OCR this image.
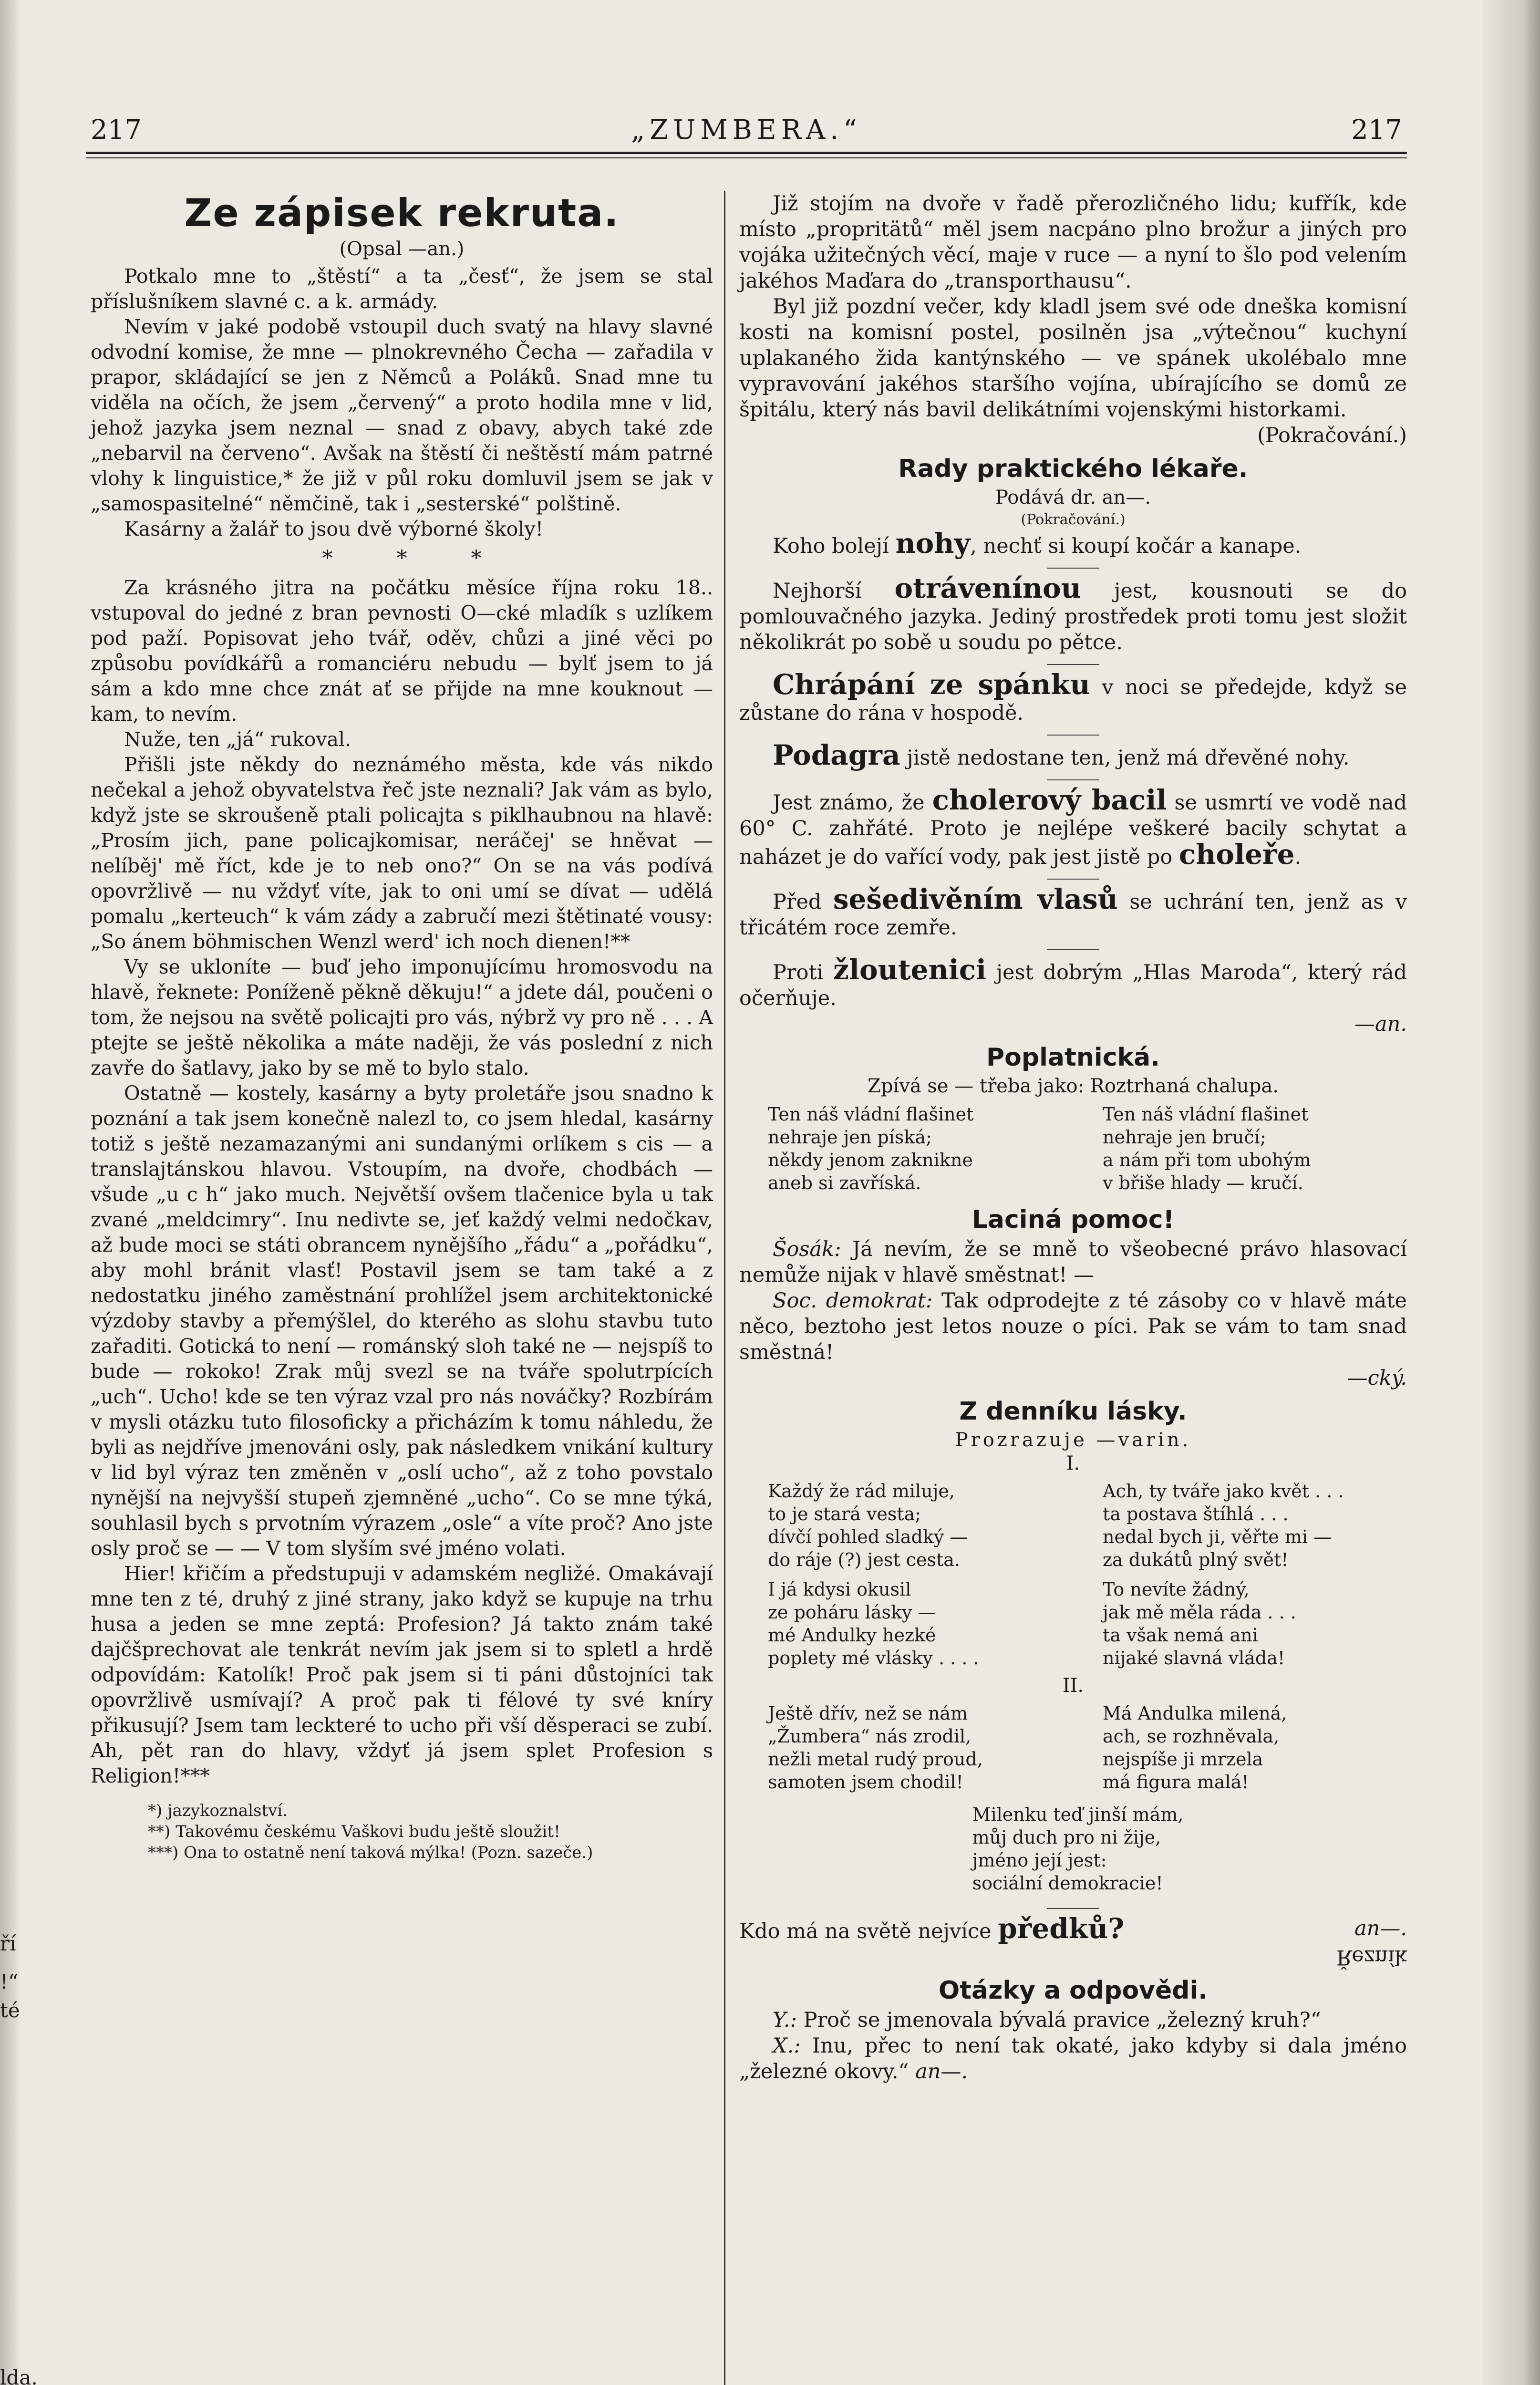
ří
!“
té
lda.
217	„ZUMBERA.“	217
Ze zápisek rekruta.
(Opsal —an.)

Potkalo mne to „štěstí“ a ta „česť“, že jsem se stal příslušníkem slavné c. a k. armády.

Nevím v jaké podobě vstoupil duch svatý na hlavy slavné odvodní komise, že mne — plnokrevného Čecha — zařadila v prapor, skládající se jen z Němců a Poláků. Snad mne tu viděla na očích, že jsem „červený“ a proto hodila mne v lid, jehož jazyka jsem neznal — snad z obavy, abych také zde „nebarvil na červeno“. Avšak na štěstí či neštěstí mám patrné vlohy k linguistice,* že již v půl roku domluvil jsem se jak v „samospasitelné“ němčině, tak i „sesterské“ polštině.

Kasárny a žalář to jsou dvě výborné školy!

* * *

Za krásného jitra na počátku měsíce října roku 18.. vstupoval do jedné z bran pevnosti O—cké mladík s uzlíkem pod paží. Popisovat jeho tvář, oděv, chůzi a jiné věci po způsobu povídkářů a romanciéru nebudu — bylť jsem to já sám a kdo mne chce znát ať se přijde na mne kouknout — kam, to nevím.

Nuže, ten „já“ rukoval.

Přišli jste někdy do neznámého města, kde vás nikdo nečekal a jehož obyvatelstva řeč jste neznali? Jak vám as bylo, když jste se skroušeně ptali policajta s piklhaubnou na hlavě: „Prosím jich, pane policajkomisar, neráčej' se hněvat — nelíběj' mě říct, kde je to neb ono?“ On se na vás podívá opovržlivě — nu vždyť víte, jak to oni umí se dívat — udělá pomalu „kerteuch“ k vám zády a zabručí mezi štětinaté vousy: „So ánem böhmischen Wenzl werd' ich noch dienen!**

Vy se ukloníte — buď jeho imponujícímu hromosvodu na hlavě, řeknete: Poníženě pěkně děkuju!“ a jdete dál, poučeni o tom, že nejsou na světě policajti pro vás, nýbrž vy pro ně . . . A ptejte se ještě několika a máte naději, že vás poslední z nich zavře do šatlavy, jako by se mě to bylo stalo.

Ostatně — kostely, kasárny a byty proletáře jsou snadno k poznání a tak jsem konečně nalezl to, co jsem hledal, kasárny totiž s ještě nezamazanými ani sundanými orlíkem s cis — a translajtánskou hlavou. Vstoupím, na dvoře, chodbách — všude „u c h“ jako much. Největší ovšem tlačenice byla u tak zvané „meldcimry“. Inu nedivte se, jeť každý velmi nedočkav, až bude moci se státi obrancem nynějšího „řádu“ a „pořádku“, aby mohl bránit vlasť! Postavil jsem se tam také a z nedostatku jiného zaměstnání prohlížel jsem architektonické výzdoby stavby a přemýšlel, do kterého as slohu stavbu tuto zařaditi. Gotická to není — románský sloh také ne — nejspíš to bude — rokoko! Zrak můj svezl se na tváře spolutrpících „uch“. Ucho! kde se ten výraz vzal pro nás nováčky? Rozbírám v mysli otázku tuto filosoficky a přicházím k tomu náhledu, že byli as nejdříve jmenováni osly, pak následkem vnikání kultury v lid byl výraz ten změněn v „oslí ucho“, až z toho povstalo nynější na nejvyšší stupeň zjemněné „ucho“. Co se mne týká, souhlasil bych s prvotním výrazem „osle“ a víte proč? Ano jste osly proč se — — V tom slyším své jméno volati.

Hier! křičím a předstupuji v adamském negližé. Omakávají mne ten z té, druhý z jiné strany, jako když se kupuje na trhu husa a jeden se mne zeptá: Profesion? Já takto znám také dajčšprechovat ale tenkrát nevím jak jsem si to spletl a hrdě odpovídám: Katolík! Proč pak jsem si ti páni důstojníci tak opovržlivě usmívají? A proč pak ti félové ty své kníry přikusují? Jsem tam leckteré to ucho při vší děsperaci se zubí. Ah, pět ran do hlavy, vždyť já jsem splet Profesion s Religion!***

*) jazykoznalství.
**) Takovému českému Vaškovi budu ještě sloužit!
***) Ona to ostatně není taková mýlka! (Pozn. sazeče.)

Již stojím na dvoře v řadě přerozličného lidu; kufřík, kde místo „propritätů“ měl jsem nacpáno plno brožur a jiných pro vojáka užitečných věcí, maje v ruce — a nyní to šlo pod velením jakéhos Maďara do „transporthausu“.

Byl již pozdní večer, kdy kladl jsem své ode dneška komisní kosti na komisní postel, posilněn jsa „výtečnou“ kuchyní uplakaného žida kantýnského — ve spánek ukolébalo mne vypravování jakéhos staršího vojína, ubírajícího se domů ze špitálu, který nás bavil delikátními vojenskými historkami.

(Pokračování.)

Rady praktického lékaře.
Podává dr. an—.
(Pokračování.)

Koho bolejí nohy, nechť si koupí kočár a kanape.

Nejhorší otrávenínou jest, kousnouti se do pomlouvačného jazyka. Jediný prostředek proti tomu jest složit několikrát po sobě u soudu po pětce.

Chrápání ze spánku v noci se předejde, když se zůstane do rána v hospodě.

Podagra jistě nedostane ten, jenž má dřevěné nohy.

Jest známo, že cholerový bacil se usmrtí ve vodě nad 60° C. zahřáté. Proto je nejlépe veškeré bacily schytat a naházet je do vařící vody, pak jest jistě po choleře.

Před sešedivěním vlasů se uchrání ten, jenž as v třicátém roce zemře.

Proti žloutenici jest dobrým „Hlas Maroda“, který rád očerňuje.

—an.

Poplatnická.
Zpívá se — třeba jako: Roztrhaná chalupa.
Ten náš vládní flašinet
nehraje jen píská;
někdy jenom zaknikne
aneb si zavříská.
Ten náš vládní flašinet
nehraje jen bručí;
a nám při tom ubohým
v břiše hlady — kručí.
Laciná pomoc!

Šosák: Já nevím, že se mně to všeobecné právo hlasovací nemůže nijak v hlavě směstnat! —

Soc. demokrat: Tak odprodejte z té zásoby co v hlavě máte něco, beztoho jest letos nouze o píci. Pak se vám to tam snad směstná!

—cký.

Z denníku lásky.
Prozrazuje —varin.
I.
Každý že rád miluje,
to je stará vesta;
dívčí pohled sladký —
do ráje (?) jest cesta.
I já kdysi okusil
ze poháru lásky —
mé Andulky hezké
poplety mé vlásky . . . .
Ach, ty tváře jako květ . . .
ta postava štíhlá . . .
nedal bych ji, věřte mi —
za dukátů plný svět!
To nevíte žádný,
jak mě měla ráda . . .
ta však nemá ani
nijaké slavná vláda!
II.
Ještě dřív, než se nám
„Žumbera“ nás zrodil,
nežli metal rudý proud,
samoten jsem chodil!
Má Andulka milená,
ach, se rozhněvala,
nejspíše ji mrzela
má figura malá!
Milenku teď jinší mám,
můj duch pro ni žije,
jméno její jest:
sociální demokracie!

Kdo má na světě nejvíce předků?	an—.

Řezník

Otázky a odpovědi.

Y.: Proč se jmenovala bývalá pravice „železný kruh?“

X.: Inu, přec to není tak okaté, jako kdyby si dala jméno „železné okovy.“ an—.
